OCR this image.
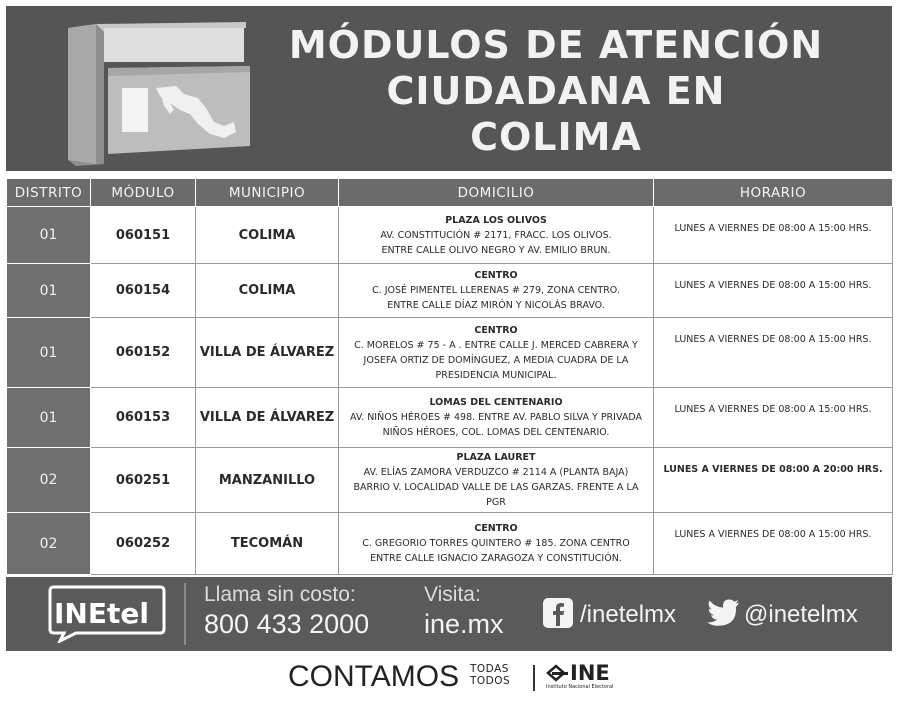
MÓDULOS DE ATENCIÓN
CIUDADANA EN
COLIMA
DISTRITO	MÓDULO	MUNICIPIO	DOMICILIO	HORARIO
01	060151	COLIMA	PLAZA LOS OLIVOS
AV. CONSTITUCIÓN # 2171, FRACC. LOS OLIVOS.
ENTRE CALLE OLIVO NEGRO Y AV. EMILIO BRUN.	LUNES A VIERNES DE 08:00 A 15:00 HRS.
01	060154	COLIMA	CENTRO
C. JOSÉ PIMENTEL LLERENAS # 279, ZONA CENTRO.
ENTRE CALLE DÍAZ MIRÓN Y NICOLÁS BRAVO.	LUNES A VIERNES DE 08:00 A 15:00 HRS.
01	060152	VILLA DE ÁLVAREZ	CENTRO
C. MORELOS # 75 - A . ENTRE CALLE J. MERCED CABRERA Y
JOSEFA ORTIZ DE DOMÍNGUEZ, A MEDIA CUADRA DE LA
PRESIDENCIA MUNICIPAL.	LUNES A VIERNES DE 08:00 A 15:00 HRS.
01	060153	VILLA DE ÁLVAREZ	LOMAS DEL CENTENARIO
AV. NIÑOS HÉROES # 498. ENTRE AV. PABLO SILVA Y PRIVADA
NIÑOS HÉROES, COL. LOMAS DEL CENTENARIO.	LUNES A VIERNES DE 08:00 A 15:00 HRS.
02	060251	MANZANILLO	PLAZA LAURET
AV. ELÍAS ZAMORA VERDUZCO # 2114 A (PLANTA BAJA)
BARRIO V. LOCALIDAD VALLE DE LAS GARZAS. FRENTE A LA PGR	LUNES A VIERNES DE 08:00 A 20:00 HRS.
02	060252	TECOMÁN	CENTRO
C. GREGORIO TORRES QUINTERO # 185. ZONA CENTRO
ENTRE CALLE IGNACIO ZARAGOZA Y CONSTITUCIÓN.	LUNES A VIERNES DE 08:00 A 15:00 HRS.
INEtel
Llama sin costo:
800 433 2000
Visita:
ine.mx	/inetelmx	@inetelmx
CONTAMOS TODAS
TODOS	INE
Instituto Nacional Electoral
